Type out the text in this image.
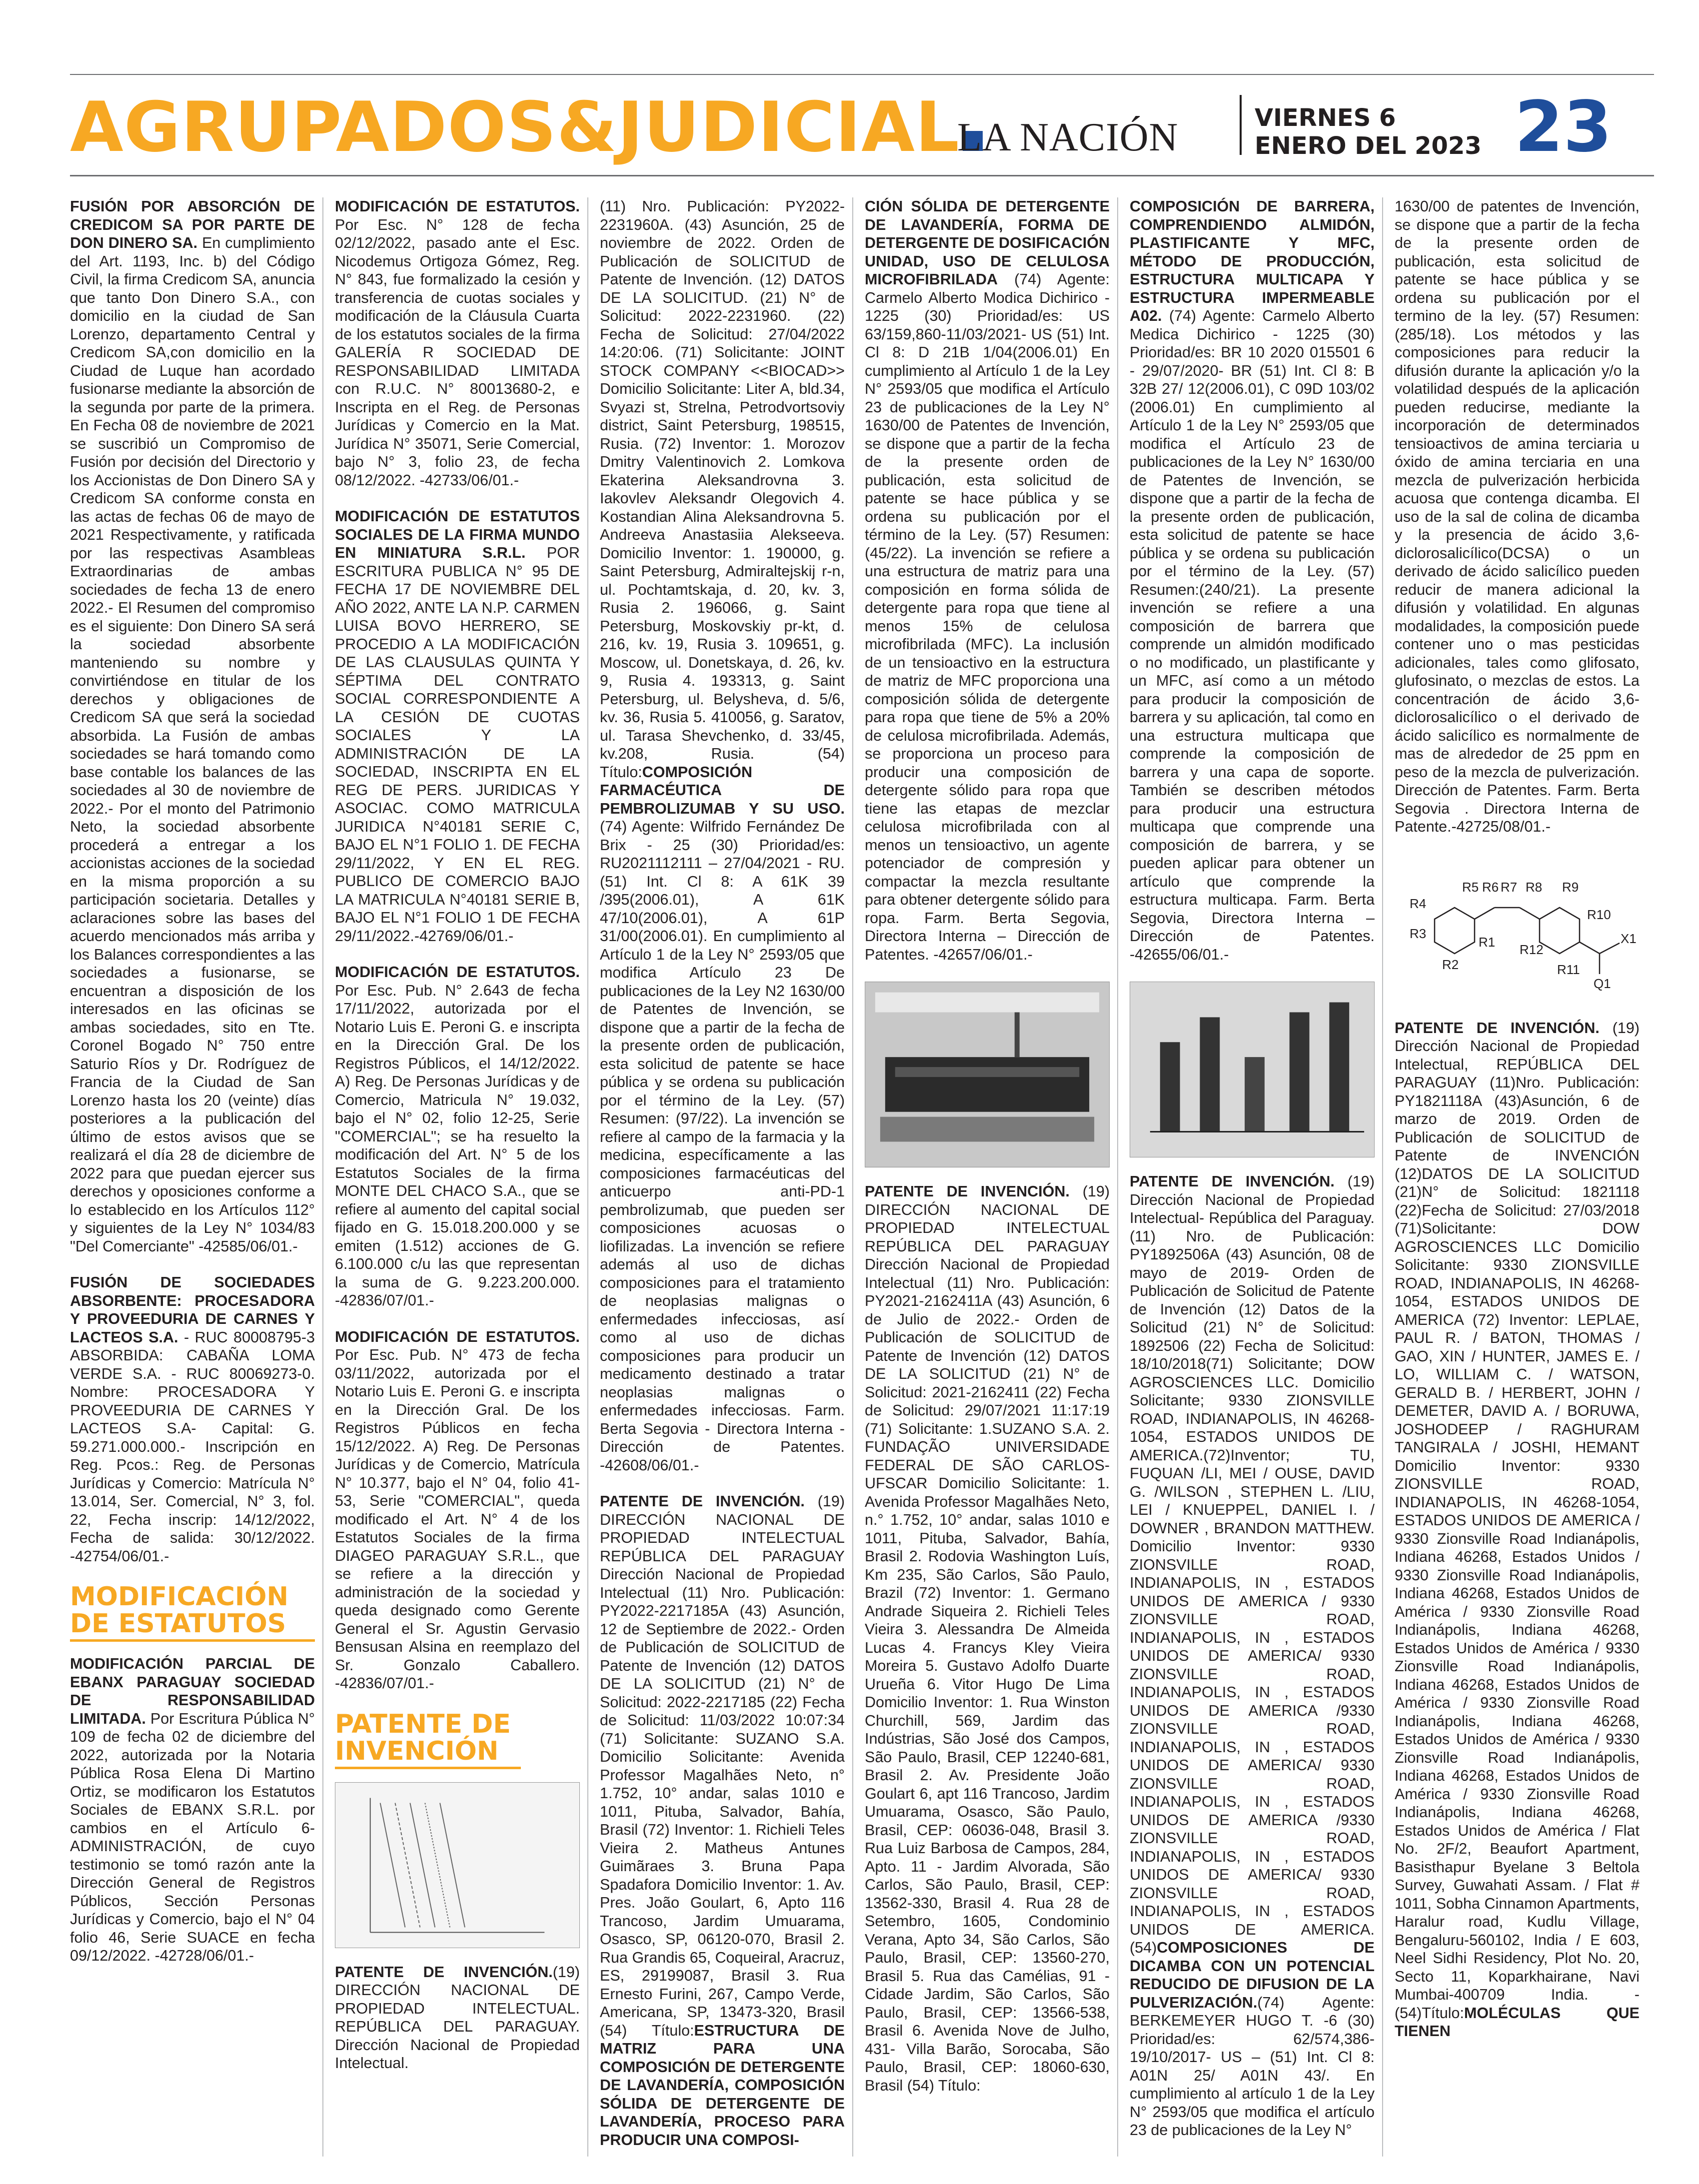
AGRUPADOS&JUDICIAL
LA NACIÓN	VIERNES 6
ENERO DEL 2023 23

FUSIÓN POR ABSORCIÓN DE CREDICOM SA POR PARTE DE DON DINERO SA. En cumplimiento del Art. 1193, Inc. b) del Código Civil, la firma Credicom SA, anuncia que tanto Don Dinero S.A., con domicilio en la ciudad de San Lorenzo, departamento Central y Credicom SA,con domicilio en la Ciudad de Luque han acordado fusionarse mediante la absorción de la segunda por parte de la primera. En Fecha 08 de noviembre de 2021 se suscribió un Compromiso de Fusión por decisión del Directorio y los Accionistas de Don Dinero SA y Credicom SA conforme consta en las actas de fechas 06 de mayo de 2021 Respectivamente, y ratificada por las respectivas Asambleas Extraordinarias de ambas sociedades de fecha 13 de enero 2022.- El Resumen del compromiso es el siguiente: Don Dinero SA será la sociedad absorbente manteniendo su nombre y convirtiéndose en titular de los derechos y obligaciones de Credicom SA que será la sociedad absorbida. La Fusión de ambas sociedades se hará tomando como base contable los balances de las sociedades al 30 de noviembre de 2022.- Por el monto del Patrimonio Neto, la sociedad absorbente procederá a entregar a los accionistas acciones de la sociedad en la misma proporción a su participación societaria. Detalles y aclaraciones sobre las bases del acuerdo mencionados más arriba y los Balances correspondientes a las sociedades a fusionarse, se encuentran a disposición de los interesados en las oficinas se ambas sociedades, sito en Tte. Coronel Bogado N° 750 entre Saturio Ríos y Dr. Rodríguez de Francia de la Ciudad de San Lorenzo hasta los 20 (veinte) días posteriores a la publicación del último de estos avisos que se realizará el día 28 de diciembre de 2022 para que puedan ejercer sus derechos y oposiciones conforme a lo establecido en los Artículos 112° y siguientes de la Ley N° 1034/83 "Del Comerciante" -42585/06/01.-

FUSIÓN DE SOCIEDADES ABSORBENTE: PROCESADORA Y PROVEEDURIA DE CARNES Y LACTEOS S.A. - RUC 80008795-3 ABSORBIDA: CABAÑA LOMA VERDE S.A. - RUC 80069273-0. Nombre: PROCESADORA Y PROVEEDURIA DE CARNES Y LACTEOS S.A- Capital: G. 59.271.000.000.- Inscripción en Reg. Pcos.: Reg. de Personas Jurídicas y Comercio: Matrícula N° 13.014, Ser. Comercial, N° 3, fol. 22, Fecha inscrip: 14/12/2022, Fecha de salida: 30/12/2022. -42754/06/01.-

MODIFICACIÓN DE ESTATUTOS

MODIFICACIÓN PARCIAL DE EBANX PARAGUAY SOCIEDAD DE RESPONSABILIDAD LIMITADA. Por Escritura Pública N° 109 de fecha 02 de diciembre del 2022, autorizada por la Notaria Pública Rosa Elena Di Martino Ortiz, se modificaron los Estatutos Sociales de EBANX S.R.L. por cambios en el Artículo 6- ADMINISTRACIÓN, de cuyo testimonio se tomó razón ante la Dirección General de Registros Públicos, Sección Personas Jurídicas y Comercio, bajo el N° 04 folio 46, Serie SUACE en fecha 09/12/2022. -42728/06/01.-

MODIFICACIÓN DE ESTATUTOS. Por Esc. N° 128 de fecha 02/12/2022, pasado ante el Esc. Nicodemus Ortigoza Gómez, Reg. N° 843, fue formalizado la cesión y transferencia de cuotas sociales y modificación de la Cláusula Cuarta de los estatutos sociales de la firma GALERÍA R SOCIEDAD DE RESPONSABILIDAD LIMITADA con R.U.C. N° 80013680-2, e Inscripta en el Reg. de Personas Jurídicas y Comercio en la Mat. Jurídica N° 35071, Serie Comercial, bajo N° 3, folio 23, de fecha 08/12/2022. -42733/06/01.-

MODIFICACIÓN DE ESTATUTOS SOCIALES DE LA FIRMA MUNDO EN MINIATURA S.R.L. POR ESCRITURA PUBLICA N° 95 DE FECHA 17 DE NOVIEMBRE DEL AÑO 2022, ANTE LA N.P. CARMEN LUISA BOVO HERRERO, SE PROCEDIO A LA MODIFICACIÓN DE LAS CLAUSULAS QUINTA Y SÉPTIMA DEL CONTRATO SOCIAL CORRESPONDIENTE A LA CESIÓN DE CUOTAS SOCIALES Y LA ADMINISTRACIÓN DE LA SOCIEDAD, INSCRIPTA EN EL REG DE PERS. JURIDICAS Y ASOCIAC. COMO MATRICULA JURIDICA N°40181 SERIE C, BAJO EL N°1 FOLIO 1. DE FECHA 29/11/2022, Y EN EL REG. PUBLICO DE COMERCIO BAJO LA MATRICULA N°40181 SERIE B, BAJO EL N°1 FOLIO 1 DE FECHA 29/11/2022.-42769/06/01.-

MODIFICACIÓN DE ESTATUTOS. Por Esc. Pub. N° 2.643 de fecha 17/11/2022, autorizada por el Notario Luis E. Peroni G. e inscripta en la Dirección Gral. De los Registros Públicos, el 14/12/2022. A) Reg. De Personas Jurídicas y de Comercio, Matricula N° 19.032, bajo el N° 02, folio 12-25, Serie "COMERCIAL"; se ha resuelto la modificación del Art. N° 5 de los Estatutos Sociales de la firma MONTE DEL CHACO S.A., que se refiere al aumento del capital social fijado en G. 15.018.200.000 y se emiten (1.512) acciones de G. 6.100.000 c/u las que representan la suma de G. 9.223.200.000. -42836/07/01.-

MODIFICACIÓN DE ESTATUTOS. Por Esc. Pub. N° 473 de fecha 03/11/2022, autorizada por el Notario Luis E. Peroni G. e inscripta en la Dirección Gral. De los Registros Públicos en fecha 15/12/2022. A) Reg. De Personas Jurídicas y de Comercio, Matrícula N° 10.377, bajo el N° 04, folio 41-53, Serie "COMERCIAL", queda modificado el Art. N° 4 de los Estatutos Sociales de la firma DIAGEO PARAGUAY S.R.L., que se refiere a la dirección y administración de la sociedad y queda designado como Gerente General el Sr. Agustin Gervasio Bensusan Alsina en reemplazo del Sr. Gonzalo Caballero. -42836/07/01.-

PATENTE DE INVENCIÓN

PATENTE DE INVENCIÓN.(19) DIRECCIÓN NACIONAL DE PROPIEDAD INTELECTUAL. REPÚBLICA DEL PARAGUAY. Dirección Nacional de Propiedad Intelectual.

(11) Nro. Publicación: PY2022-2231960A. (43) Asunción, 25 de noviembre de 2022. Orden de Publicación de SOLICITUD de Patente de Invención. (12) DATOS DE LA SOLICITUD. (21) N° de Solicitud: 2022-2231960. (22) Fecha de Solicitud: 27/04/2022 14:20:06. (71) Solicitante: JOINT STOCK COMPANY <<BIOCAD>> Domicilio Solicitante: Liter A, bld.34, Svyazi st, Strelna, Petrodvortsoviy district, Saint Petersburg, 198515, Rusia. (72) Inventor: 1. Morozov Dmitry Valentinovich 2. Lomkova Ekaterina Aleksandrovna 3. Iakovlev Aleksandr Olegovich 4. Kostandian Alina Aleksandrovna 5. Andreeva Anastasiia Alekseeva. Domicilio Inventor: 1. 190000, g. Saint Petersburg, Admiraltejskij r-n, ul. Pochtamtskaja, d. 20, kv. 3, Rusia 2. 196066, g. Saint Petersburg, Moskovskiy pr-kt, d. 216, kv. 19, Rusia 3. 109651, g. Moscow, ul. Donetskaya, d. 26, kv. 9, Rusia 4. 193313, g. Saint Petersburg, ul. Belysheva, d. 5/6, kv. 36, Rusia 5. 410056, g. Saratov, ul. Tarasa Shevchenko, d. 33/45, kv.208, Rusia. (54) Título:COMPOSICIÓN FARMACÉUTICA DE PEMBROLIZUMAB Y SU USO. (74) Agente: Wilfrido Fernández De Brix - 25 (30) Prioridad/es: RU2021112111 – 27/04/2021 - RU. (51) Int. Cl 8: A 61K 39 /395(2006.01), A 61K 47/10(2006.01), A 61P 31/00(2006.01). En cumplimiento al Artículo 1 de la Ley N° 2593/05 que modifica Artículo 23 De publicaciones de la Ley N2 1630/00 de Patentes de Invención, se dispone que a partir de la fecha de la presente orden de publicación, esta solicitud de patente se hace pública y se ordena su publicación por el término de la Ley. (57) Resumen: (97/22). La invención se refiere al campo de la farmacia y la medicina, específicamente a las composiciones farmacéuticas del anticuerpo anti-PD-1 pembrolizumab, que pueden ser composiciones acuosas o liofilizadas. La invención se refiere además al uso de dichas composiciones para el tratamiento de neoplasias malignas o enfermedades infecciosas, así como al uso de dichas composiciones para producir un medicamento destinado a tratar neoplasias malignas o enfermedades infecciosas. Farm. Berta Segovia - Directora Interna - Dirección de Patentes. -42608/06/01.-

PATENTE DE INVENCIÓN. (19) DIRECCIÓN NACIONAL DE PROPIEDAD INTELECTUAL REPÚBLICA DEL PARAGUAY Dirección Nacional de Propiedad Intelectual (11) Nro. Publicación: PY2022-2217185A (43) Asunción, 12 de Septiembre de 2022.- Orden de Publicación de SOLICITUD de Patente de Invención (12) DATOS DE LA SOLICITUD (21) N° de Solicitud: 2022-2217185 (22) Fecha de Solicitud: 11/03/2022 10:07:34 (71) Solicitante: SUZANO S.A. Domicilio Solicitante: Avenida Professor Magalhães Neto, n° 1.752, 10° andar, salas 1010 e 1011, Pituba, Salvador, Bahía, Brasil (72) Inventor: 1. Richieli Teles Vieira 2. Matheus Antunes Guimãraes 3. Bruna Papa Spadafora Domicilio Inventor: 1. Av. Pres. João Goulart, 6, Apto 116 Trancoso, Jardim Umuarama, Osasco, SP, 06120-070, Brasil 2. Rua Grandis 65, Coqueiral, Aracruz, ES, 29199087, Brasil 3. Rua Ernesto Furini, 267, Campo Verde, Americana, SP, 13473-320, Brasil (54) Título:ESTRUCTURA DE MATRIZ PARA UNA COMPOSICIÓN DE DETERGENTE DE LAVANDERÍA, COMPOSICIÓN SÓLIDA DE DETERGENTE DE LAVANDERÍA, PROCESO PARA PRODUCIR UNA COMPOSI-

CIÓN SÓLIDA DE DETERGENTE DE LAVANDERÍA, FORMA DE DETERGENTE DE DOSIFICACIÓN UNIDAD, USO DE CELULOSA MICROFIBRILADA (74) Agente: Carmelo Alberto Modica Dichirico - 1225 (30) Prioridad/es: US 63/159,860-11/03/2021- US (51) Int. Cl 8: D 21B 1/04(2006.01) En cumplimiento al Artículo 1 de la Ley N° 2593/05 que modifica el Artículo 23 de publicaciones de la Ley N° 1630/00 de Patentes de Invención, se dispone que a partir de la fecha de la presente orden de publicación, esta solicitud de patente se hace pública y se ordena su publicación por el término de la Ley. (57) Resumen:(45/22). La invención se refiere a una estructura de matriz para una composición en forma sólida de detergente para ropa que tiene al menos 15% de celulosa microfibrilada (MFC). La inclusión de un tensioactivo en la estructura de matriz de MFC proporciona una composición sólida de detergente para ropa que tiene de 5% a 20% de celulosa microfibrilada. Además, se proporciona un proceso para producir una composición de detergente sólido para ropa que tiene las etapas de mezclar celulosa microfibrilada con al menos un tensioactivo, un agente potenciador de compresión y compactar la mezcla resultante para obtener detergente sólido para ropa. Farm. Berta Segovia, Directora Interna – Dirección de Patentes. -42657/06/01.-

PATENTE DE INVENCIÓN. (19) DIRECCIÓN NACIONAL DE PROPIEDAD INTELECTUAL REPÚBLICA DEL PARAGUAY Dirección Nacional de Propiedad Intelectual (11) Nro. Publicación: PY2021-2162411A (43) Asunción, 6 de Julio de 2022.- Orden de Publicación de SOLICITUD de Patente de Invención (12) DATOS DE LA SOLICITUD (21) N° de Solicitud: 2021-2162411 (22) Fecha de Solicitud: 29/07/2021 11:17:19 (71) Solicitante: 1.SUZANO S.A. 2. FUNDAÇÃO UNIVERSIDADE FEDERAL DE SÃO CARLOS-UFSCAR Domicilio Solicitante: 1. Avenida Professor Magalhães Neto, n.° 1.752, 10° andar, salas 1010 e 1011, Pituba, Salvador, Bahía, Brasil 2. Rodovia Washington Luís, Km 235, São Carlos, São Paulo, Brazil (72) Inventor: 1. Germano Andrade Siqueira 2. Richieli Teles Vieira 3. Alessandra De Almeida Lucas 4. Francys Kley Vieira Moreira 5. Gustavo Adolfo Duarte Urueña 6. Vitor Hugo De Lima Domicilio Inventor: 1. Rua Winston Churchill, 569, Jardim das Indústrias, São José dos Campos, São Paulo, Brasil, CEP 12240-681, Brasil 2. Av. Presidente João Goulart 6, apt 116 Trancoso, Jardim Umuarama, Osasco, São Paulo, Brasil, CEP: 06036-048, Brasil 3. Rua Luiz Barbosa de Campos, 284, Apto. 11 - Jardim Alvorada, São Carlos, São Paulo, Brasil, CEP: 13562-330, Brasil 4. Rua 28 de Setembro, 1605, Condominio Verana, Apto 34, São Carlos, São Paulo, Brasil, CEP: 13560-270, Brasil 5. Rua das Camélias, 91 - Cidade Jardim, São Carlos, São Paulo, Brasil, CEP: 13566-538, Brasil 6. Avenida Nove de Julho, 431- Villa Barão, Sorocaba, São Paulo, Brasil, CEP: 18060-630, Brasil (54) Título:

COMPOSICIÓN DE BARRERA, COMPRENDIENDO ALMIDÓN, PLASTIFICANTE Y MFC, MÉTODO DE PRODUCCIÓN, ESTRUCTURA MULTICAPA Y ESTRUCTURA IMPERMEABLE A02. (74) Agente: Carmelo Alberto Medica Dichirico - 1225 (30) Prioridad/es: BR 10 2020 015501 6 - 29/07/2020- BR (51) Int. Cl 8: B 32B 27/ 12(2006.01), C 09D 103/02 (2006.01) En cumplimiento al Artículo 1 de la Ley N° 2593/05 que modifica el Artículo 23 de publicaciones de la Ley N° 1630/00 de Patentes de Invención, se dispone que a partir de la fecha de la presente orden de publicación, esta solicitud de patente se hace pública y se ordena su publicación por el término de la Ley. (57) Resumen:(240/21). La presente invención se refiere a una composición de barrera que comprende un almidón modificado o no modificado, un plastificante y un MFC, así como a un método para producir la composición de barrera y su aplicación, tal como en una estructura multicapa que comprende la composición de barrera y una capa de soporte. También se describen métodos para producir una estructura multicapa que comprende una composición de barrera, y se pueden aplicar para obtener un artículo que comprende la estructura multicapa. Farm. Berta Segovia, Directora Interna – Dirección de Patentes. -42655/06/01.-

PATENTE DE INVENCIÓN. (19) Dirección Nacional de Propiedad Intelectual- República del Paraguay. (11) Nro. de Publicación: PY1892506A (43) Asunción, 08 de mayo de 2019- Orden de Publicación de Solicitud de Patente de Invención (12) Datos de la Solicitud (21) N° de Solicitud: 1892506 (22) Fecha de Solicitud: 18/10/2018(71) Solicitante; DOW AGROSCIENCES LLC. Domicilio Solicitante; 9330 ZIONSVILLE ROAD, INDIANAPOLIS, IN 46268-1054, ESTADOS UNIDOS DE AMERICA.(72)Inventor; TU, FUQUAN /LI, MEI / OUSE, DAVID G. /WILSON , STEPHEN L. /LIU, LEI / KNUEPPEL, DANIEL I. / DOWNER , BRANDON MATTHEW. Domicilio Inventor: 9330 ZIONSVILLE ROAD, INDIANAPOLIS, IN , ESTADOS UNIDOS DE AMERICA / 9330 ZIONSVILLE ROAD, INDIANAPOLIS, IN , ESTADOS UNIDOS DE AMERICA/ 9330 ZIONSVILLE ROAD, INDIANAPOLIS, IN , ESTADOS UNIDOS DE AMERICA /9330 ZIONSVILLE ROAD, INDIANAPOLIS, IN , ESTADOS UNIDOS DE AMERICA/ 9330 ZIONSVILLE ROAD, INDIANAPOLIS, IN , ESTADOS UNIDOS DE AMERICA /9330 ZIONSVILLE ROAD, INDIANAPOLIS, IN , ESTADOS UNIDOS DE AMERICA/ 9330 ZIONSVILLE ROAD, INDIANAPOLIS, IN , ESTADOS UNIDOS DE AMERICA. (54)COMPOSICIONES DE DICAMBA CON UN POTENCIAL REDUCIDO DE DIFUSION DE LA PULVERIZACIÓN.(74) Agente: BERKEMEYER HUGO T. -6 (30) Prioridad/es: 62/574,386- 19/10/2017- US – (51) Int. Cl 8: A01N 25/ A01N 43/. En cumplimiento al artículo 1 de la Ley N° 2593/05 que modifica el artículo 23 de publicaciones de la Ley N°

1630/00 de patentes de Invención, se dispone que a partir de la fecha de la presente orden de publicación, esta solicitud de patente se hace pública y se ordena su publicación por el termino de la ley. (57) Resumen: (285/18). Los métodos y las composiciones para reducir la difusión durante la aplicación y/o la volatilidad después de la aplicación pueden reducirse, mediante la incorporación de determinados tensioactivos de amina terciaria u óxido de amina terciaria en una mezcla de pulverización herbicida acuosa que contenga dicamba. El uso de la sal de colina de dicamba y la presencia de ácido 3,6-diclorosalicílico(DCSA) o un derivado de ácido salicílico pueden reducir de manera adicional la difusión y volatilidad. En algunas modalidades, la composición puede contener uno o mas pesticidas adicionales, tales como glifosato, glufosinato, o mezclas de estos. La concentración de ácido 3,6-diclorosalicílico o el derivado de ácido salicílico es normalmente de mas de alrededor de 25 ppm en peso de la mezcla de pulverización. Dirección de Patentes. Farm. Berta Segovia . Directora Interna de Patente.-42725/08/01.-

R5 R6 R7 R8 R9
R4
R3
R2
R1
R10
R11
R12
X1
Q1

PATENTE DE INVENCIÓN. (19) Dirección Nacional de Propiedad Intelectual, REPÚBLICA DEL PARAGUAY (11)Nro. Publicación: PY1821118A (43)Asunción, 6 de marzo de 2019. Orden de Publicación de SOLICITUD de Patente de INVENCIÓN (12)DATOS DE LA SOLICITUD (21)N° de Solicitud: 1821118 (22)Fecha de Solicitud: 27/03/2018 (71)Solicitante: DOW AGROSCIENCES LLC Domicilio Solicitante: 9330 ZIONSVILLE ROAD, INDIANAPOLIS, IN 46268-1054, ESTADOS UNIDOS DE AMERICA (72) Inventor: LEPLAE, PAUL R. / BATON, THOMAS / GAO, XIN / HUNTER, JAMES E. / LO, WILLIAM C. / WATSON, GERALD B. / HERBERT, JOHN / DEMETER, DAVID A. / BORUWA, JOSHODEEP / RAGHURAM TANGIRALA / JOSHI, HEMANT Domicilio Inventor: 9330 ZIONSVILLE ROAD, INDIANAPOLIS, IN 46268-1054, ESTADOS UNIDOS DE AMERICA / 9330 Zionsville Road Indianápolis, Indiana 46268, Estados Unidos / 9330 Zionsville Road Indianápolis, Indiana 46268, Estados Unidos de América / 9330 Zionsville Road Indianápolis, Indiana 46268, Estados Unidos de América / 9330 Zionsville Road Indianápolis, Indiana 46268, Estados Unidos de América / 9330 Zionsville Road Indianápolis, Indiana 46268, Estados Unidos de América / 9330 Zionsville Road Indianápolis, Indiana 46268, Estados Unidos de América / 9330 Zionsville Road Indianápolis, Indiana 46268, Estados Unidos de América / Flat No. 2F/2, Beaufort Apartment, Basisthapur Byelane 3 Beltola Survey, Guwahati Assam. / Flat # 1011, Sobha Cinnamon Apartments, Haralur road, Kudlu Village, Bengaluru-560102, India / E 603, Neel Sidhi Residency, Plot No. 20, Secto 11, Koparkhairane, Navi Mumbai-400709 India. - (54)Título:MOLÉCULAS QUE TIENEN
